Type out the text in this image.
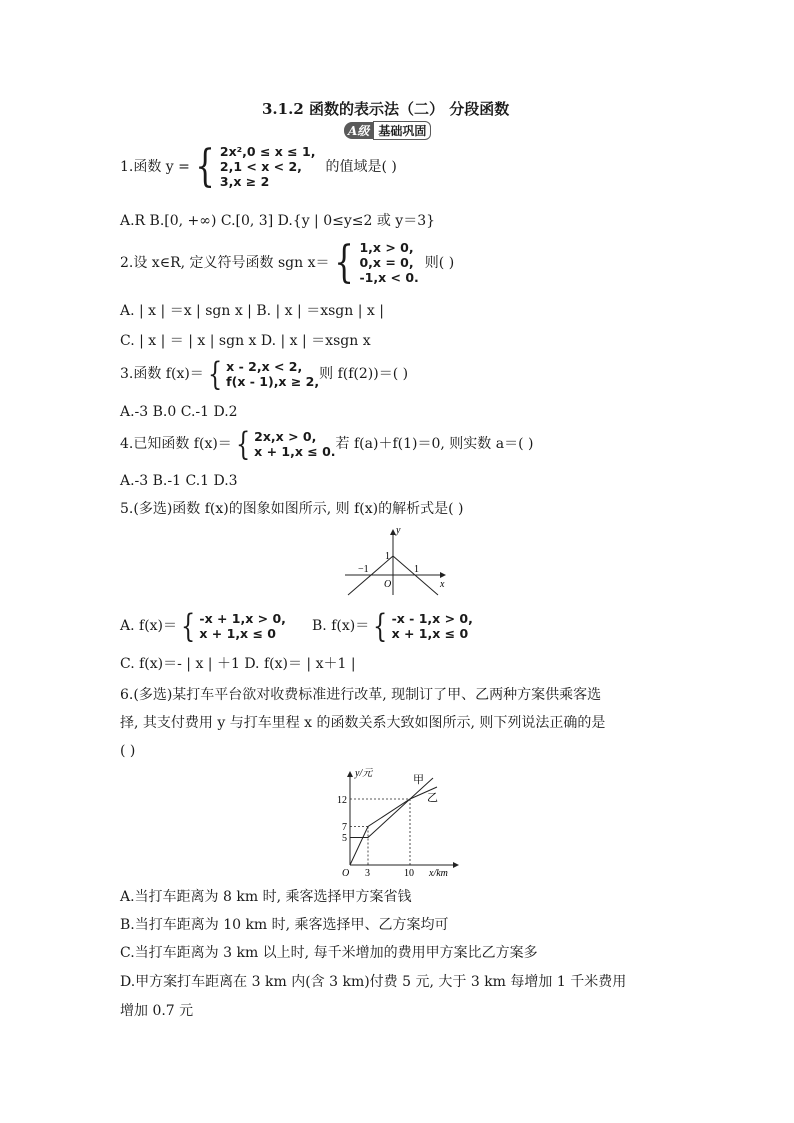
3.1.2 函数的表示法（二） 分段函数
A级 基础巩固
1.函数 y = { 2x²,0 ≤ x ≤ 1,
2,1 < x < 2,
3,x ≥ 2
的值域是( )
A.R B.[0, +∞) C.[0, 3] D.{y | 0≤y≤2 或 y＝3}
2.设 x∈R, 定义符号函数 sgn x＝ { 1,x > 0,
0,x = 0,
-1,x < 0.
则( )
A. | x | ＝x | sgn x | B. | x | ＝xsgn | x |
C. | x | ＝ | x | sgn x D. | x | ＝xsgn x
3.函数 f(x)＝ { x - 2,x < 2,
f(x - 1),x ≥ 2, 则 f(f(2))＝( )
A.-3 B.0 C.-1 D.2
4.已知函数 f(x)＝ { 2x,x > 0,
x + 1,x ≤ 0. 若 f(a)＋f(1)＝0, 则实数 a＝( )
A.-3 B.-1 C.1 D.3
5.(多选)函数 f(x)的图象如图所示, 则 f(x)的解析式是( )
y
x
O
1
−1	1
A. f(x)＝ { -x + 1,x > 0,
x + 1,x ≤ 0	B. f(x)＝ { -x - 1,x > 0,
x + 1,x ≤ 0
C. f(x)＝- | x | ＋1 D. f(x)＝ | x＋1 |
6.(多选)某打车平台欲对收费标准进行改革, 现制订了甲、乙两种方案供乘客选
择, 其支付费用 y 与打车里程 x 的函数关系大致如图所示, 则下列说法正确的是
( )
y/元
x/km
O
甲
乙
12
7
5
3	10
A.当打车距离为 8 km 时, 乘客选择甲方案省钱
B.当打车距离为 10 km 时, 乘客选择甲、乙方案均可
C.当打车距离为 3 km 以上时, 每千米增加的费用甲方案比乙方案多
D.甲方案打车距离在 3 km 内(含 3 km)付费 5 元, 大于 3 km 每增加 1 千米费用
增加 0.7 元
